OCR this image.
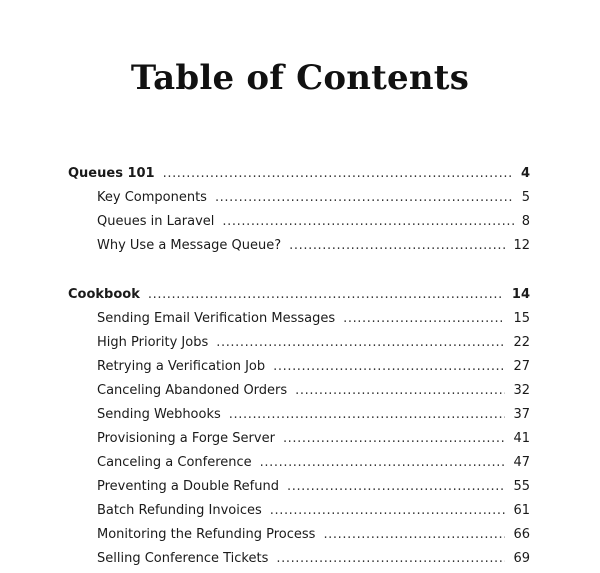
Table of Contents
Queues 101 .....	4
Key Components .....	5
Queues in Laravel .....	8
Why Use a Message Queue? .....	12
Cookbook .....	14
Sending Email Verification Messages .....	15
High Priority Jobs .....	22
Retrying a Verification Job .....	27
Canceling Abandoned Orders .....	32
Sending Webhooks .....	37
Provisioning a Forge Server .....	41
Canceling a Conference .....	47
Preventing a Double Refund .....	55
Batch Refunding Invoices .....	61
Monitoring the Refunding Process .....	66
Selling Conference Tickets .....	69
